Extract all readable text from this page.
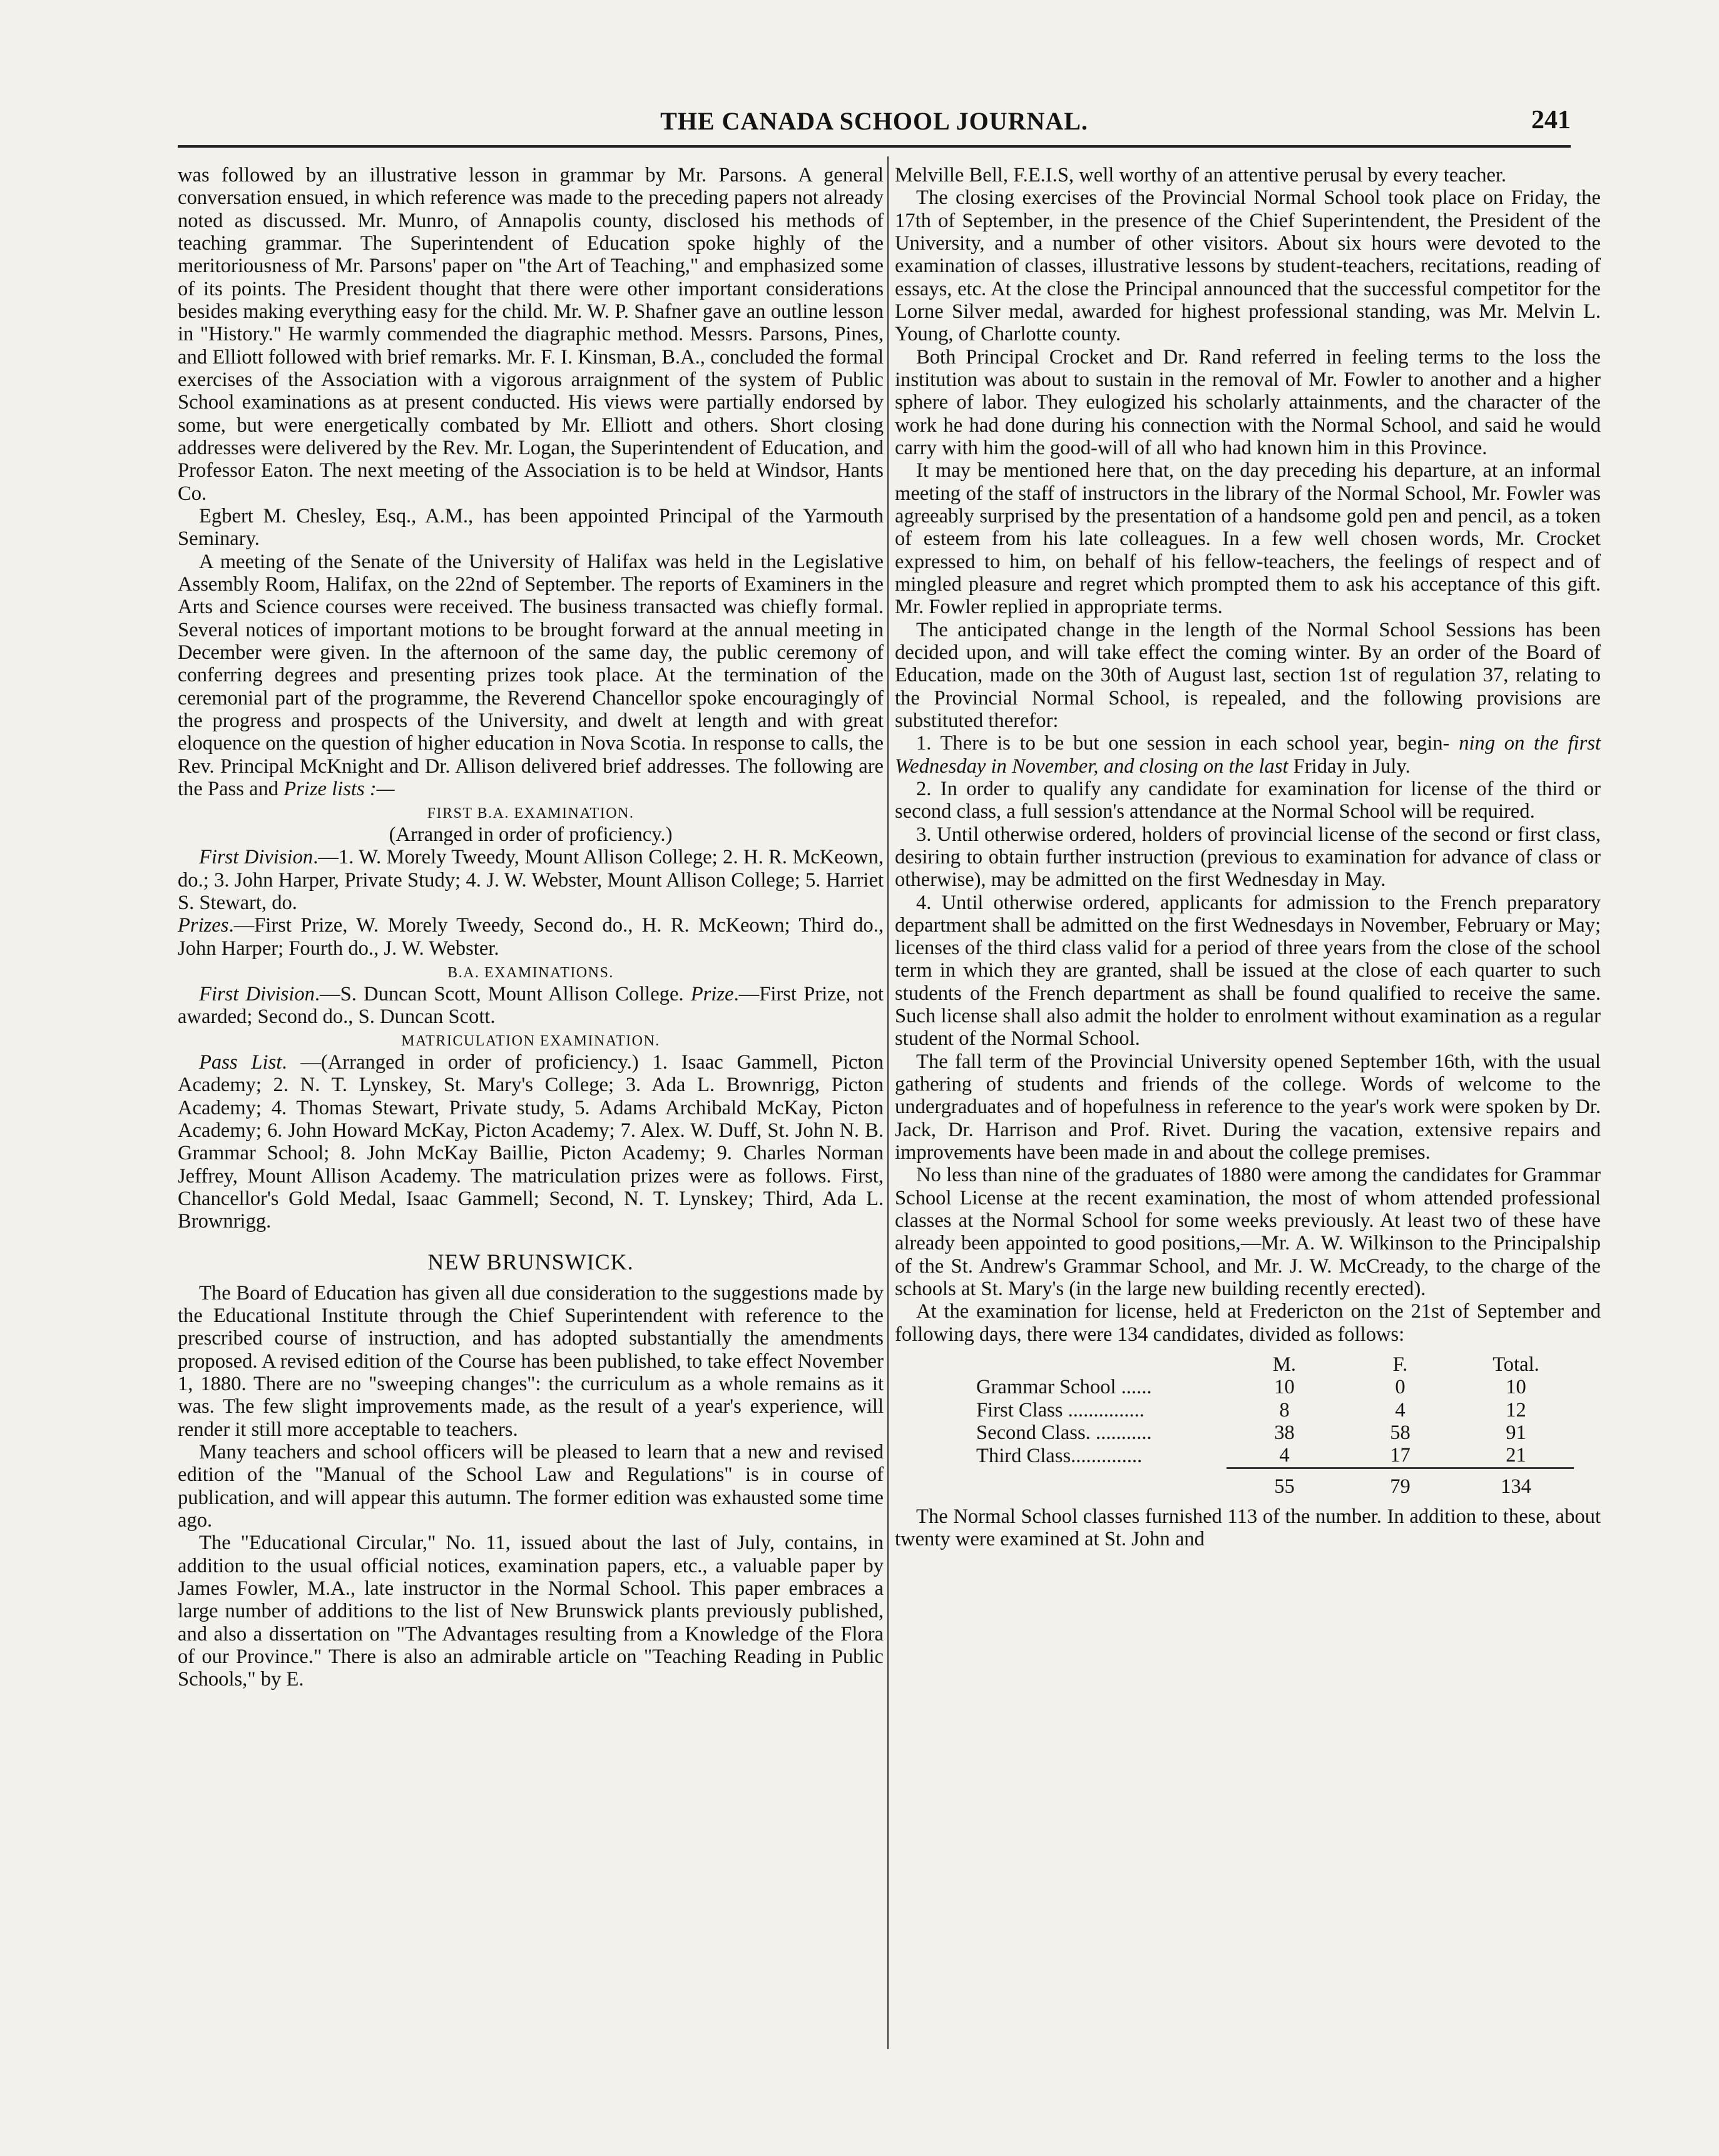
THE CANADA SCHOOL JOURNAL.	241

was followed by an illustrative lesson in grammar by Mr. Parsons. A general conversation ensued, in which reference was made to the preceding papers not already noted as discussed. Mr. Munro, of Annapolis county, disclosed his methods of teaching grammar. The Superintendent of Education spoke highly of the meritoriousness of Mr. Parsons' paper on "the Art of Teaching," and emphasized some of its points. The President thought that there were other important considerations besides making everything easy for the child. Mr. W. P. Shafner gave an outline lesson in "History." He warmly commended the diagraphic method. Messrs. Parsons, Pines, and Elliott followed with brief remarks. Mr. F. I. Kinsman, B.A., concluded the formal exercises of the Association with a vigorous arraignment of the system of Public School examinations as at present conducted. His views were partially endorsed by some, but were energetically combated by Mr. Elliott and others. Short closing addresses were delivered by the Rev. Mr. Logan, the Superintendent of Education, and Professor Eaton. The next meeting of the Association is to be held at Windsor, Hants Co.

Egbert M. Chesley, Esq., A.M., has been appointed Principal of the Yarmouth Seminary.

A meeting of the Senate of the University of Halifax was held in the Legislative Assembly Room, Halifax, on the 22nd of September. The reports of Examiners in the Arts and Science courses were received. The business transacted was chiefly formal. Several notices of important motions to be brought forward at the annual meeting in December were given. In the afternoon of the same day, the public ceremony of conferring degrees and presenting prizes took place. At the termination of the ceremonial part of the programme, the Reverend Chancellor spoke encouragingly of the progress and prospects of the University, and dwelt at length and with great eloquence on the question of higher education in Nova Scotia. In response to calls, the Rev. Principal McKnight and Dr. Allison delivered brief addresses. The following are the Pass and Prize lists :—

FIRST B.A. EXAMINATION.

(Arranged in order of proficiency.)

First Division.—1. W. Morely Tweedy, Mount Allison College; 2. H. R. McKeown, do.; 3. John Harper, Private Study; 4. J. W. Webster, Mount Allison College; 5. Harriet S. Stewart, do.

Prizes.—First Prize, W. Morely Tweedy, Second do., H. R. McKeown; Third do., John Harper; Fourth do., J. W. Webster.

B.A. EXAMINATIONS.

First Division.—S. Duncan Scott, Mount Allison College. Prize.—First Prize, not awarded; Second do., S. Duncan Scott.

MATRICULATION EXAMINATION.

Pass List. —(Arranged in order of proficiency.) 1. Isaac Gammell, Picton Academy; 2. N. T. Lynskey, St. Mary's College; 3. Ada L. Brownrigg, Picton Academy; 4. Thomas Stewart, Private study, 5. Adams Archibald McKay, Picton Academy; 6. John Howard McKay, Picton Academy; 7. Alex. W. Duff, St. John N. B. Grammar School; 8. John McKay Baillie, Picton Academy; 9. Charles Norman Jeffrey, Mount Allison Academy. The matriculation prizes were as follows. First, Chancellor's Gold Medal, Isaac Gammell; Second, N. T. Lynskey; Third, Ada L. Brownrigg.

NEW BRUNSWICK.

The Board of Education has given all due consideration to the suggestions made by the Educational Institute through the Chief Superintendent with reference to the prescribed course of instruction, and has adopted substantially the amendments proposed. A revised edition of the Course has been published, to take effect November 1, 1880. There are no "sweeping changes": the curriculum as a whole remains as it was. The few slight improvements made, as the result of a year's experience, will render it still more acceptable to teachers.

Many teachers and school officers will be pleased to learn that a new and revised edition of the "Manual of the School Law and Regulations" is in course of publication, and will appear this autumn. The former edition was exhausted some time ago.

The "Educational Circular," No. 11, issued about the last of July, contains, in addition to the usual official notices, examination papers, etc., a valuable paper by James Fowler, M.A., late instructor in the Normal School. This paper embraces a large number of additions to the list of New Brunswick plants previously published, and also a dissertation on "The Advantages resulting from a Knowledge of the Flora of our Province." There is also an admirable article on "Teaching Reading in Public Schools," by E.

Melville Bell, F.E.I.S, well worthy of an attentive perusal by every teacher.

The closing exercises of the Provincial Normal School took place on Friday, the 17th of September, in the presence of the Chief Superintendent, the President of the University, and a number of other visitors. About six hours were devoted to the examination of classes, illustrative lessons by student-teachers, recitations, reading of essays, etc. At the close the Principal announced that the successful competitor for the Lorne Silver medal, awarded for highest professional standing, was Mr. Melvin L. Young, of Charlotte county.

Both Principal Crocket and Dr. Rand referred in feeling terms to the loss the institution was about to sustain in the removal of Mr. Fowler to another and a higher sphere of labor. They eulogized his scholarly attainments, and the character of the work he had done during his connection with the Normal School, and said he would carry with him the good-will of all who had known him in this Province.

It may be mentioned here that, on the day preceding his departure, at an informal meeting of the staff of instructors in the library of the Normal School, Mr. Fowler was agreeably surprised by the presentation of a handsome gold pen and pencil, as a token of esteem from his late colleagues. In a few well chosen words, Mr. Crocket expressed to him, on behalf of his fellow-teachers, the feelings of respect and of mingled pleasure and regret which prompted them to ask his acceptance of this gift. Mr. Fowler replied in appropriate terms.

The anticipated change in the length of the Normal School Sessions has been decided upon, and will take effect the coming winter. By an order of the Board of Education, made on the 30th of August last, section 1st of regulation 37, relating to the Provincial Normal School, is repealed, and the following provisions are substituted therefor:

1. There is to be but one session in each school year, begin- ning on the first Wednesday in November, and closing on the last Friday in July.

2. In order to qualify any candidate for examination for license of the third or second class, a full session's attendance at the Normal School will be required.

3. Until otherwise ordered, holders of provincial license of the second or first class, desiring to obtain further instruction (previous to examination for advance of class or otherwise), may be admitted on the first Wednesday in May.

4. Until otherwise ordered, applicants for admission to the French preparatory department shall be admitted on the first Wednesdays in November, February or May; licenses of the third class valid for a period of three years from the close of the school term in which they are granted, shall be issued at the close of each quarter to such students of the French department as shall be found qualified to receive the same. Such license shall also admit the holder to enrolment without examination as a regular student of the Normal School.

The fall term of the Provincial University opened September 16th, with the usual gathering of students and friends of the college. Words of welcome to the undergraduates and of hopefulness in reference to the year's work were spoken by Dr. Jack, Dr. Harrison and Prof. Rivet. During the vacation, extensive repairs and improvements have been made in and about the college premises.

No less than nine of the graduates of 1880 were among the candidates for Grammar School License at the recent examination, the most of whom attended professional classes at the Normal School for some weeks previously. At least two of these have already been appointed to good positions,—Mr. A. W. Wilkinson to the Principalship of the St. Andrew's Grammar School, and Mr. J. W. McCready, to the charge of the schools at St. Mary's (in the large new building recently erected).

At the examination for license, held at Fredericton on the 21st of September and following days, there were 134 candidates, divided as follows:

	M.	F.	Total.
Grammar School ......	10	0	10
First Class ...............	8	4	12
Second Class. ...........	38	58	91
Third Class..............	4	17	21
	55	79	134

The Normal School classes furnished 113 of the number. In addition to these, about twenty were examined at St. John and
